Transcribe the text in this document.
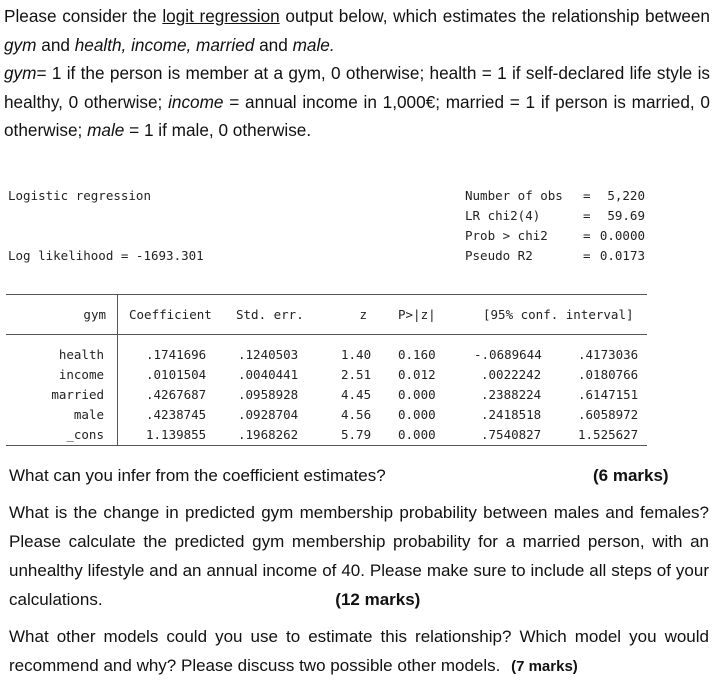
Please consider the logit regression output below, which estimates the relationship between gym and health, income, married and male.

gym= 1 if the person is member at a gym, 0 otherwise; health = 1 if self-declared life style is healthy, 0 otherwise; income = annual income in 1,000€; married = 1 if person is married, 0 otherwise; male = 1 if male, 0 otherwise.

Logistic regression
Log likelihood = -1693.301
Number of obs =	5,220
LR chi2(4)	=	59.69
Prob > chi2	= 0.0000
Pseudo R2	= 0.0173
gym Coefficient Std. err.	z P>|z|	[95% conf. interval]
health	.1741696	.1240503	1.40 0.160	-.0689644	.4173036
income	.0101504	.0040441	2.51 0.012	.0022242	.0180766
married	.4267687	.0958928	4.45 0.000	.2388224	.6147151
male	.4238745	.0928704	4.56 0.000	.2418518	.6058972
_cons	1.139855	.1968262	5.79 0.000	.7540827	1.525627

What can you infer from the coefficient estimates?	(6 marks)

What is the change in predicted gym membership probability between males and females? Please calculate the predicted gym membership probability for a married person, with an unhealthy lifestyle and an annual income of 40. Please make sure to include all steps of your calculations.	(12 marks)

What other models could you use to estimate this relationship? Which model you would recommend and why? Please discuss two possible other models. (7 marks)
